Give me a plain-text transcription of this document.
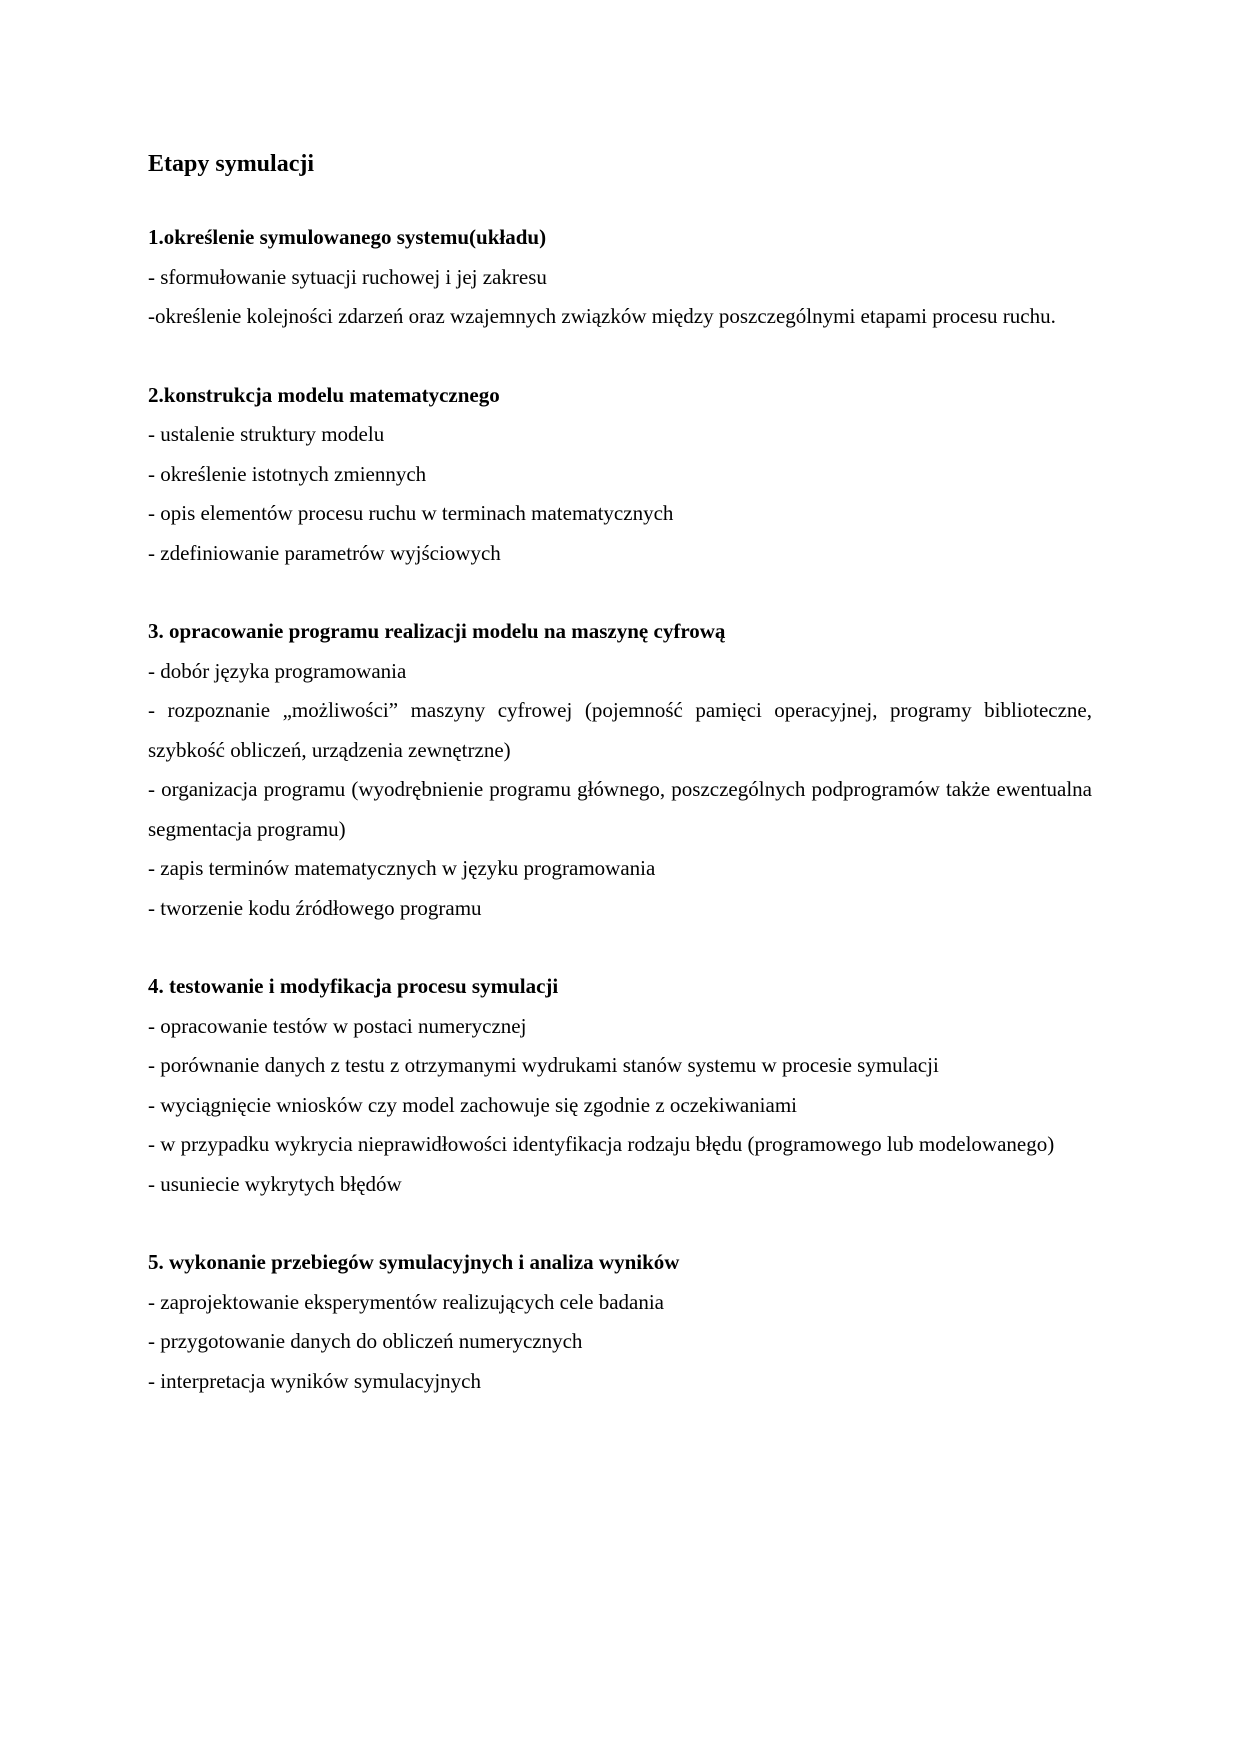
Etapy symulacji

1.określenie symulowanego systemu(układu)

- sformułowanie sytuacji ruchowej i jej zakresu

-określenie kolejności zdarzeń oraz wzajemnych związków między poszczególnymi etapami procesu ruchu.

2.konstrukcja modelu matematycznego

- ustalenie struktury modelu

- określenie istotnych zmiennych

- opis elementów procesu ruchu w terminach matematycznych

- zdefiniowanie parametrów wyjściowych

3. opracowanie programu realizacji modelu na maszynę cyfrową

- dobór języka programowania

- rozpoznanie „możliwości” maszyny cyfrowej (pojemność pamięci operacyjnej, programy biblioteczne, szybkość obliczeń, urządzenia zewnętrzne)

- organizacja programu (wyodrębnienie programu głównego, poszczególnych podprogramów także ewentualna segmentacja programu)

- zapis terminów matematycznych w języku programowania

- tworzenie kodu źródłowego programu

4. testowanie i modyfikacja procesu symulacji

- opracowanie testów w postaci numerycznej

- porównanie danych z testu z otrzymanymi wydrukami stanów systemu w procesie symulacji

- wyciągnięcie wniosków czy model zachowuje się zgodnie z oczekiwaniami

- w przypadku wykrycia nieprawidłowości identyfikacja rodzaju błędu (programowego lub modelowanego)

- usuniecie wykrytych błędów

5. wykonanie przebiegów symulacyjnych i analiza wyników

- zaprojektowanie eksperymentów realizujących cele badania

- przygotowanie danych do obliczeń numerycznych

- interpretacja wyników symulacyjnych
